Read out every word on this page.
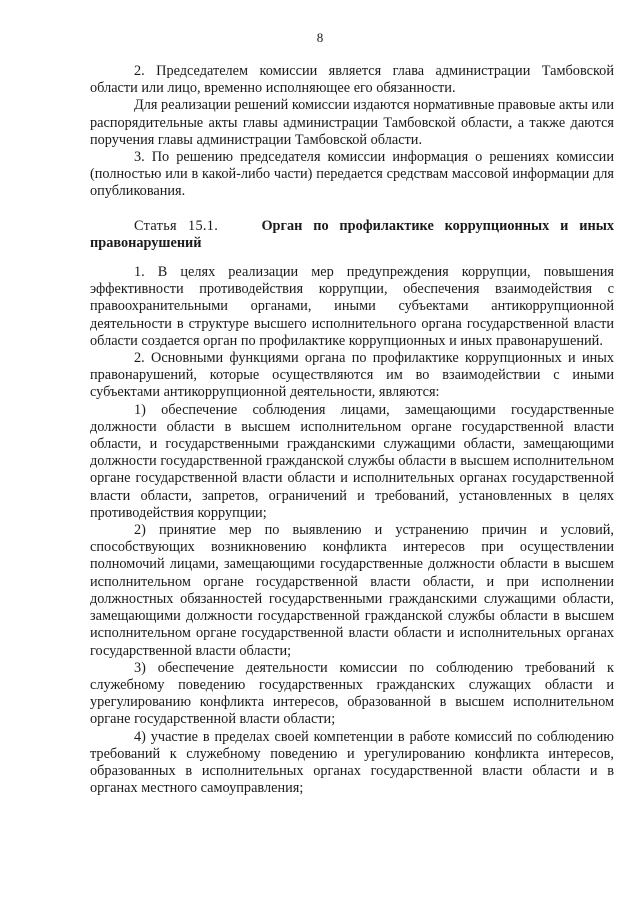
8

2. Председателем комиссии является глава администрации Тамбовской области или лицо, временно исполняющее его обязанности.

Для реализации решений комиссии издаются нормативные правовые акты или распорядительные акты главы администрации Тамбовской области, а также даются поручения главы администрации Тамбовской области.

3. По решению председателя комиссии информация о решениях комиссии (полностью или в какой-либо части) передается средствам массовой информации для опубликования.

Статья 15.1.	Орган по профилактике коррупционных и иных правонарушений

1. В целях реализации мер предупреждения коррупции, повышения эффективности противодействия коррупции, обеспечения взаимодействия с правоохранительными органами, иными субъектами антикоррупционной деятельности в структуре высшего исполнительного органа государственной власти области создается орган по профилактике коррупционных и иных правонарушений.

2. Основными функциями органа по профилактике коррупционных и иных правонарушений, которые осуществляются им во взаимодействии с иными субъектами антикоррупционной деятельности, являются:

1) обеспечение соблюдения лицами, замещающими государственные должности области в высшем исполнительном органе государственной власти области, и государственными гражданскими служащими области, замещающими должности государственной гражданской службы области в высшем исполнительном органе государственной власти области и исполнительных органах государственной власти области, запретов, ограничений и требований, установленных в целях противодействия коррупции;

2) принятие мер по выявлению и устранению причин и условий, способствующих возникновению конфликта интересов при осуществлении полномочий лицами, замещающими государственные должности области в высшем исполнительном органе государственной власти области, и при исполнении должностных обязанностей государственными гражданскими служащими области, замещающими должности государственной гражданской службы области в высшем исполнительном органе государственной власти области и исполнительных органах государственной власти области;

3) обеспечение деятельности комиссии по соблюдению требований к служебному поведению государственных гражданских служащих области и урегулированию конфликта интересов, образованной в высшем исполнительном органе государственной власти области;

4) участие в пределах своей компетенции в работе комиссий по соблюдению требований к служебному поведению и урегулированию конфликта интересов, образованных в исполнительных органах государственной власти области и в органах местного самоуправления;
